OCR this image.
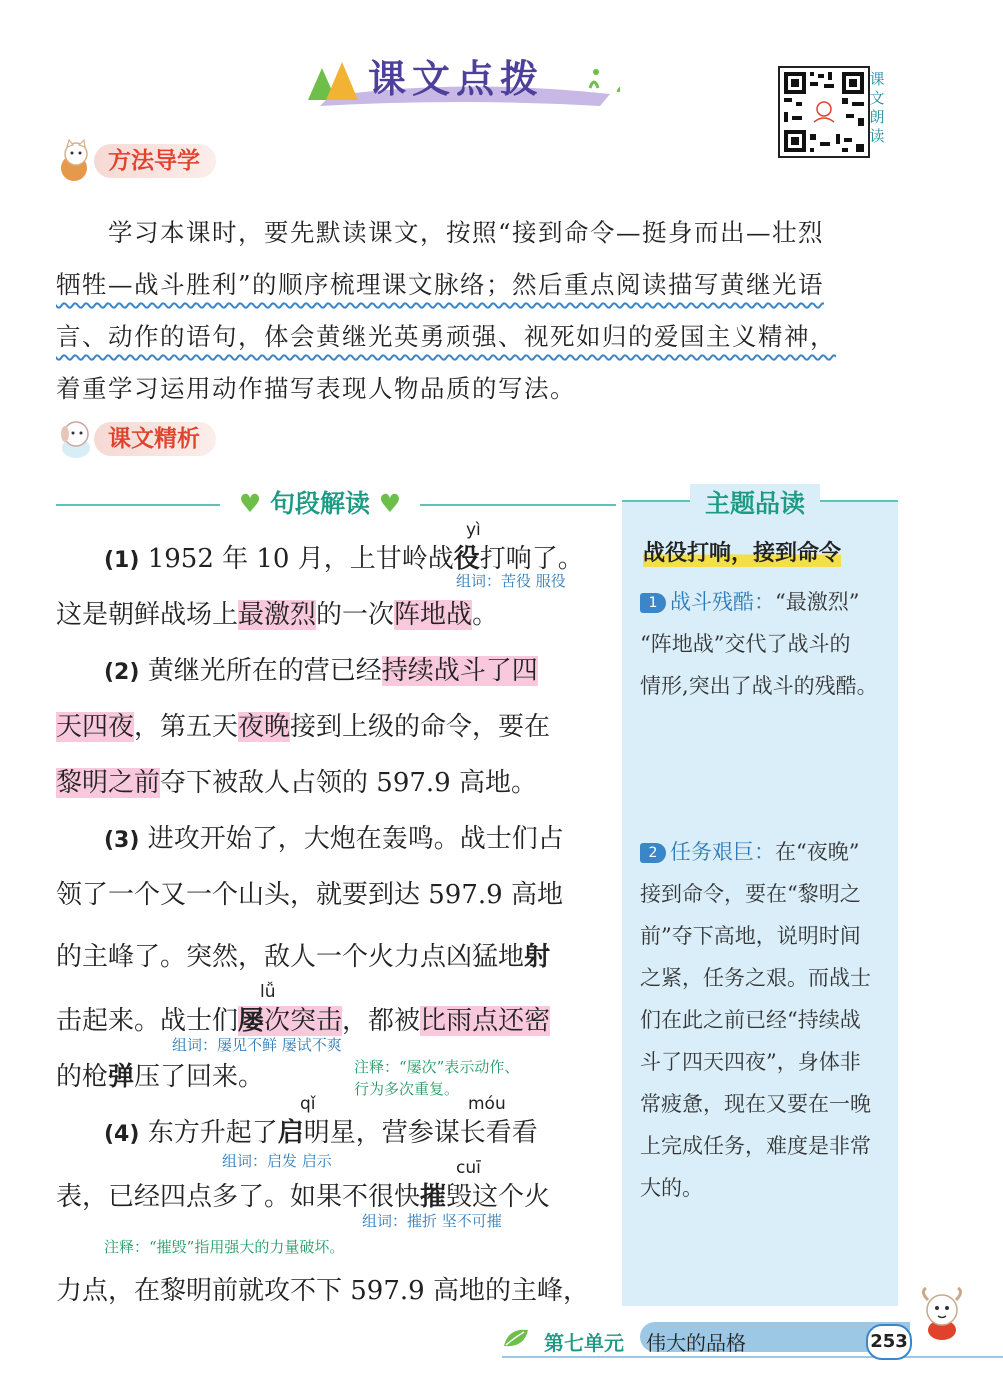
课文点拨	课文朗读
方法导学
学习本课时，要先默读课文，按照“接到命令—挺身而出—壮烈
牺牲—战斗胜利”的顺序梳理课文脉络；然后重点阅读描写黄继光语
言、动作的语句，体会黄继光英勇顽强、视死如归的爱国主义精神，
着重学习运用动作描写表现人物品质的写法。
课文精析
♥ 句段解读 ♥	主题品读
yì
(1) 1952 年 10 月，上甘岭战役打响了。
组词：苦役 服役
这是朝鲜战场上最激烈的一次阵地战。
(2) 黄继光所在的营已经持续战斗了四
天四夜，第五天夜晚接到上级的命令，要在
黎明之前夺下被敌人占领的 597.9 高地。
(3) 进攻开始了，大炮在轰鸣。战士们占
领了一个又一个山头，就要到达 597.9 高地
的主峰了。突然，敌人一个火力点凶猛地射
lǚ
击起来。战士们屡次突击，都被比雨点还密
组词：屡见不鲜 屡试不爽
的枪弹压了回来。	注释：“屡次”表示动作、
行为多次重复。
qǐ	móu
(4) 东方升起了启明星，营参谋长看看
组词：启发 启示	cuī
表，已经四点多了。如果不很快摧毁这个火
组词：摧折 坚不可摧
注释：“摧毁”指用强大的力量破坏。
力点，在黎明前就攻不下 597.9 高地的主峰，
战役打响，接到命令
1 战斗残酷：“最激烈”
“阵地战”交代了战斗的
情形,突出了战斗的残酷。
2 任务艰巨：在“夜晚”
接到命令，要在“黎明之
前”夺下高地，说明时间
之紧，任务之艰。而战士
们在此之前已经“持续战
斗了四天四夜”，身体非
常疲惫，现在又要在一晚
上完成任务，难度是非常
大的。
第七单元 伟大的品格	253
